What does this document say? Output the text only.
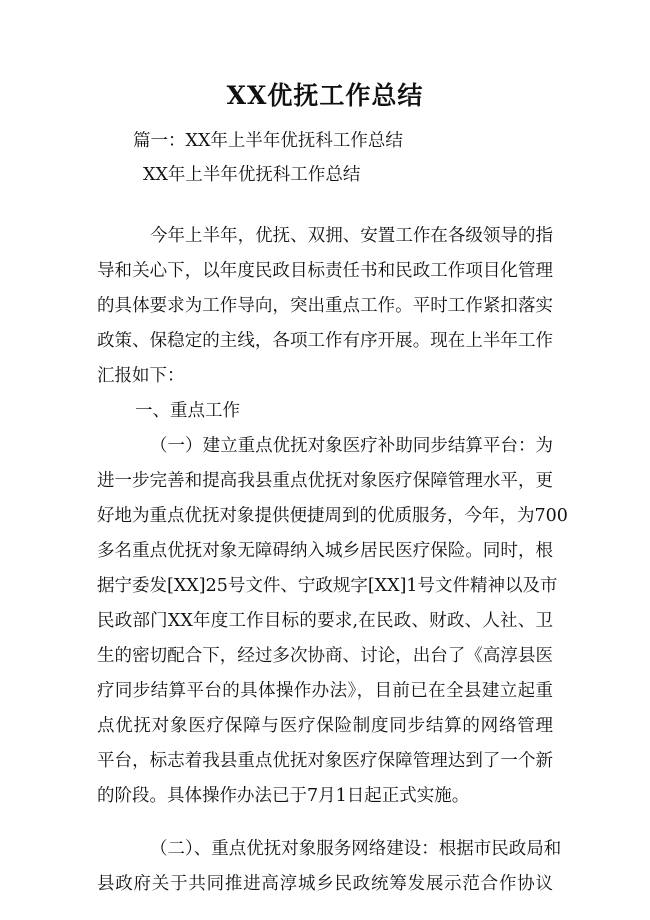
XX优抚工作总结
篇一：XX年上半年优抚科工作总结
XX年上半年优抚科工作总结
今年上半年，优抚、双拥、安置工作在各级领导的指
导和关心下，以年度民政目标责任书和民政工作项目化管理
的具体要求为工作导向，突出重点工作。平时工作紧扣落实
政策、保稳定的主线，各项工作有序开展。现在上半年工作
汇报如下：
一、重点工作
（一）建立重点优抚对象医疗补助同步结算平台：为
进一步完善和提高我县重点优抚对象医疗保障管理水平，更
好地为重点优抚对象提供便捷周到的优质服务，今年，为700
多名重点优抚对象无障碍纳入城乡居民医疗保险。同时，根
据宁委发[XX]25号文件、宁政规字[XX]1号文件精神以及市
民政部门XX年度工作目标的要求,在民政、财政、人社、卫
生的密切配合下，经过多次协商、讨论，出台了《高淳县医
疗同步结算平台的具体操作办法》，目前已在全县建立起重
点优抚对象医疗保障与医疗保险制度同步结算的网络管理
平台，标志着我县重点优抚对象医疗保障管理达到了一个新
的阶段。具体操作办法已于7月1日起正式实施。
（二）、重点优抚对象服务网络建设：根据市民政局和
县政府关于共同推进高淳城乡民政统筹发展示范合作协议
